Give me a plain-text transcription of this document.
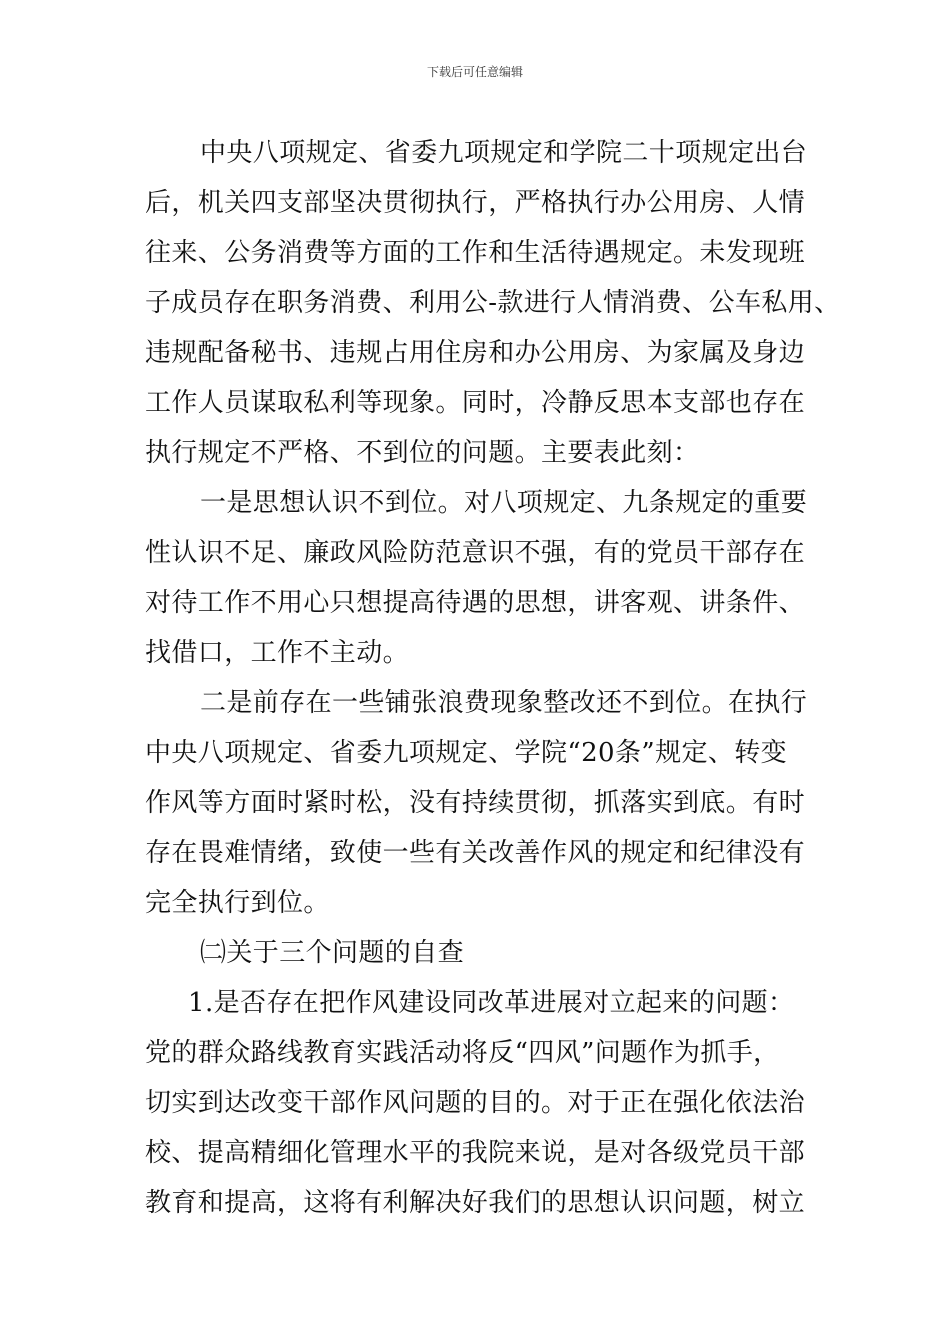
下载后可任意编辑
中央八项规定、省委九项规定和学院二十项规定出台
后，机关四支部坚决贯彻执行，严格执行办公用房、人情
往来、公务消费等方面的工作和生活待遇规定。未发现班
子成员存在职务消费、利用公-款进行人情消费、公车私用、
违规配备秘书、违规占用住房和办公用房、为家属及身边
工作人员谋取私利等现象。同时，冷静反思本支部也存在
执行规定不严格、不到位的问题。主要表此刻：
一是思想认识不到位。对八项规定、九条规定的重要
性认识不足、廉政风险防范意识不强，有的党员干部存在
对待工作不用心只想提高待遇的思想，讲客观、讲条件、
找借口，工作不主动。
二是前存在一些铺张浪费现象整改还不到位。在执行
中央八项规定、省委九项规定、学院“20条”规定、转变
作风等方面时紧时松，没有持续贯彻，抓落实到底。有时
存在畏难情绪，致使一些有关改善作风的规定和纪律没有
完全执行到位。
㈡关于三个问题的自查
1.是否存在把作风建设同改革进展对立起来的问题：
党的群众路线教育实践活动将反“四风”问题作为抓手，
切实到达改变干部作风问题的目的。对于正在强化依法治
校、提高精细化管理水平的我院来说，是对各级党员干部
教育和提高，这将有利解决好我们的思想认识问题，树立
